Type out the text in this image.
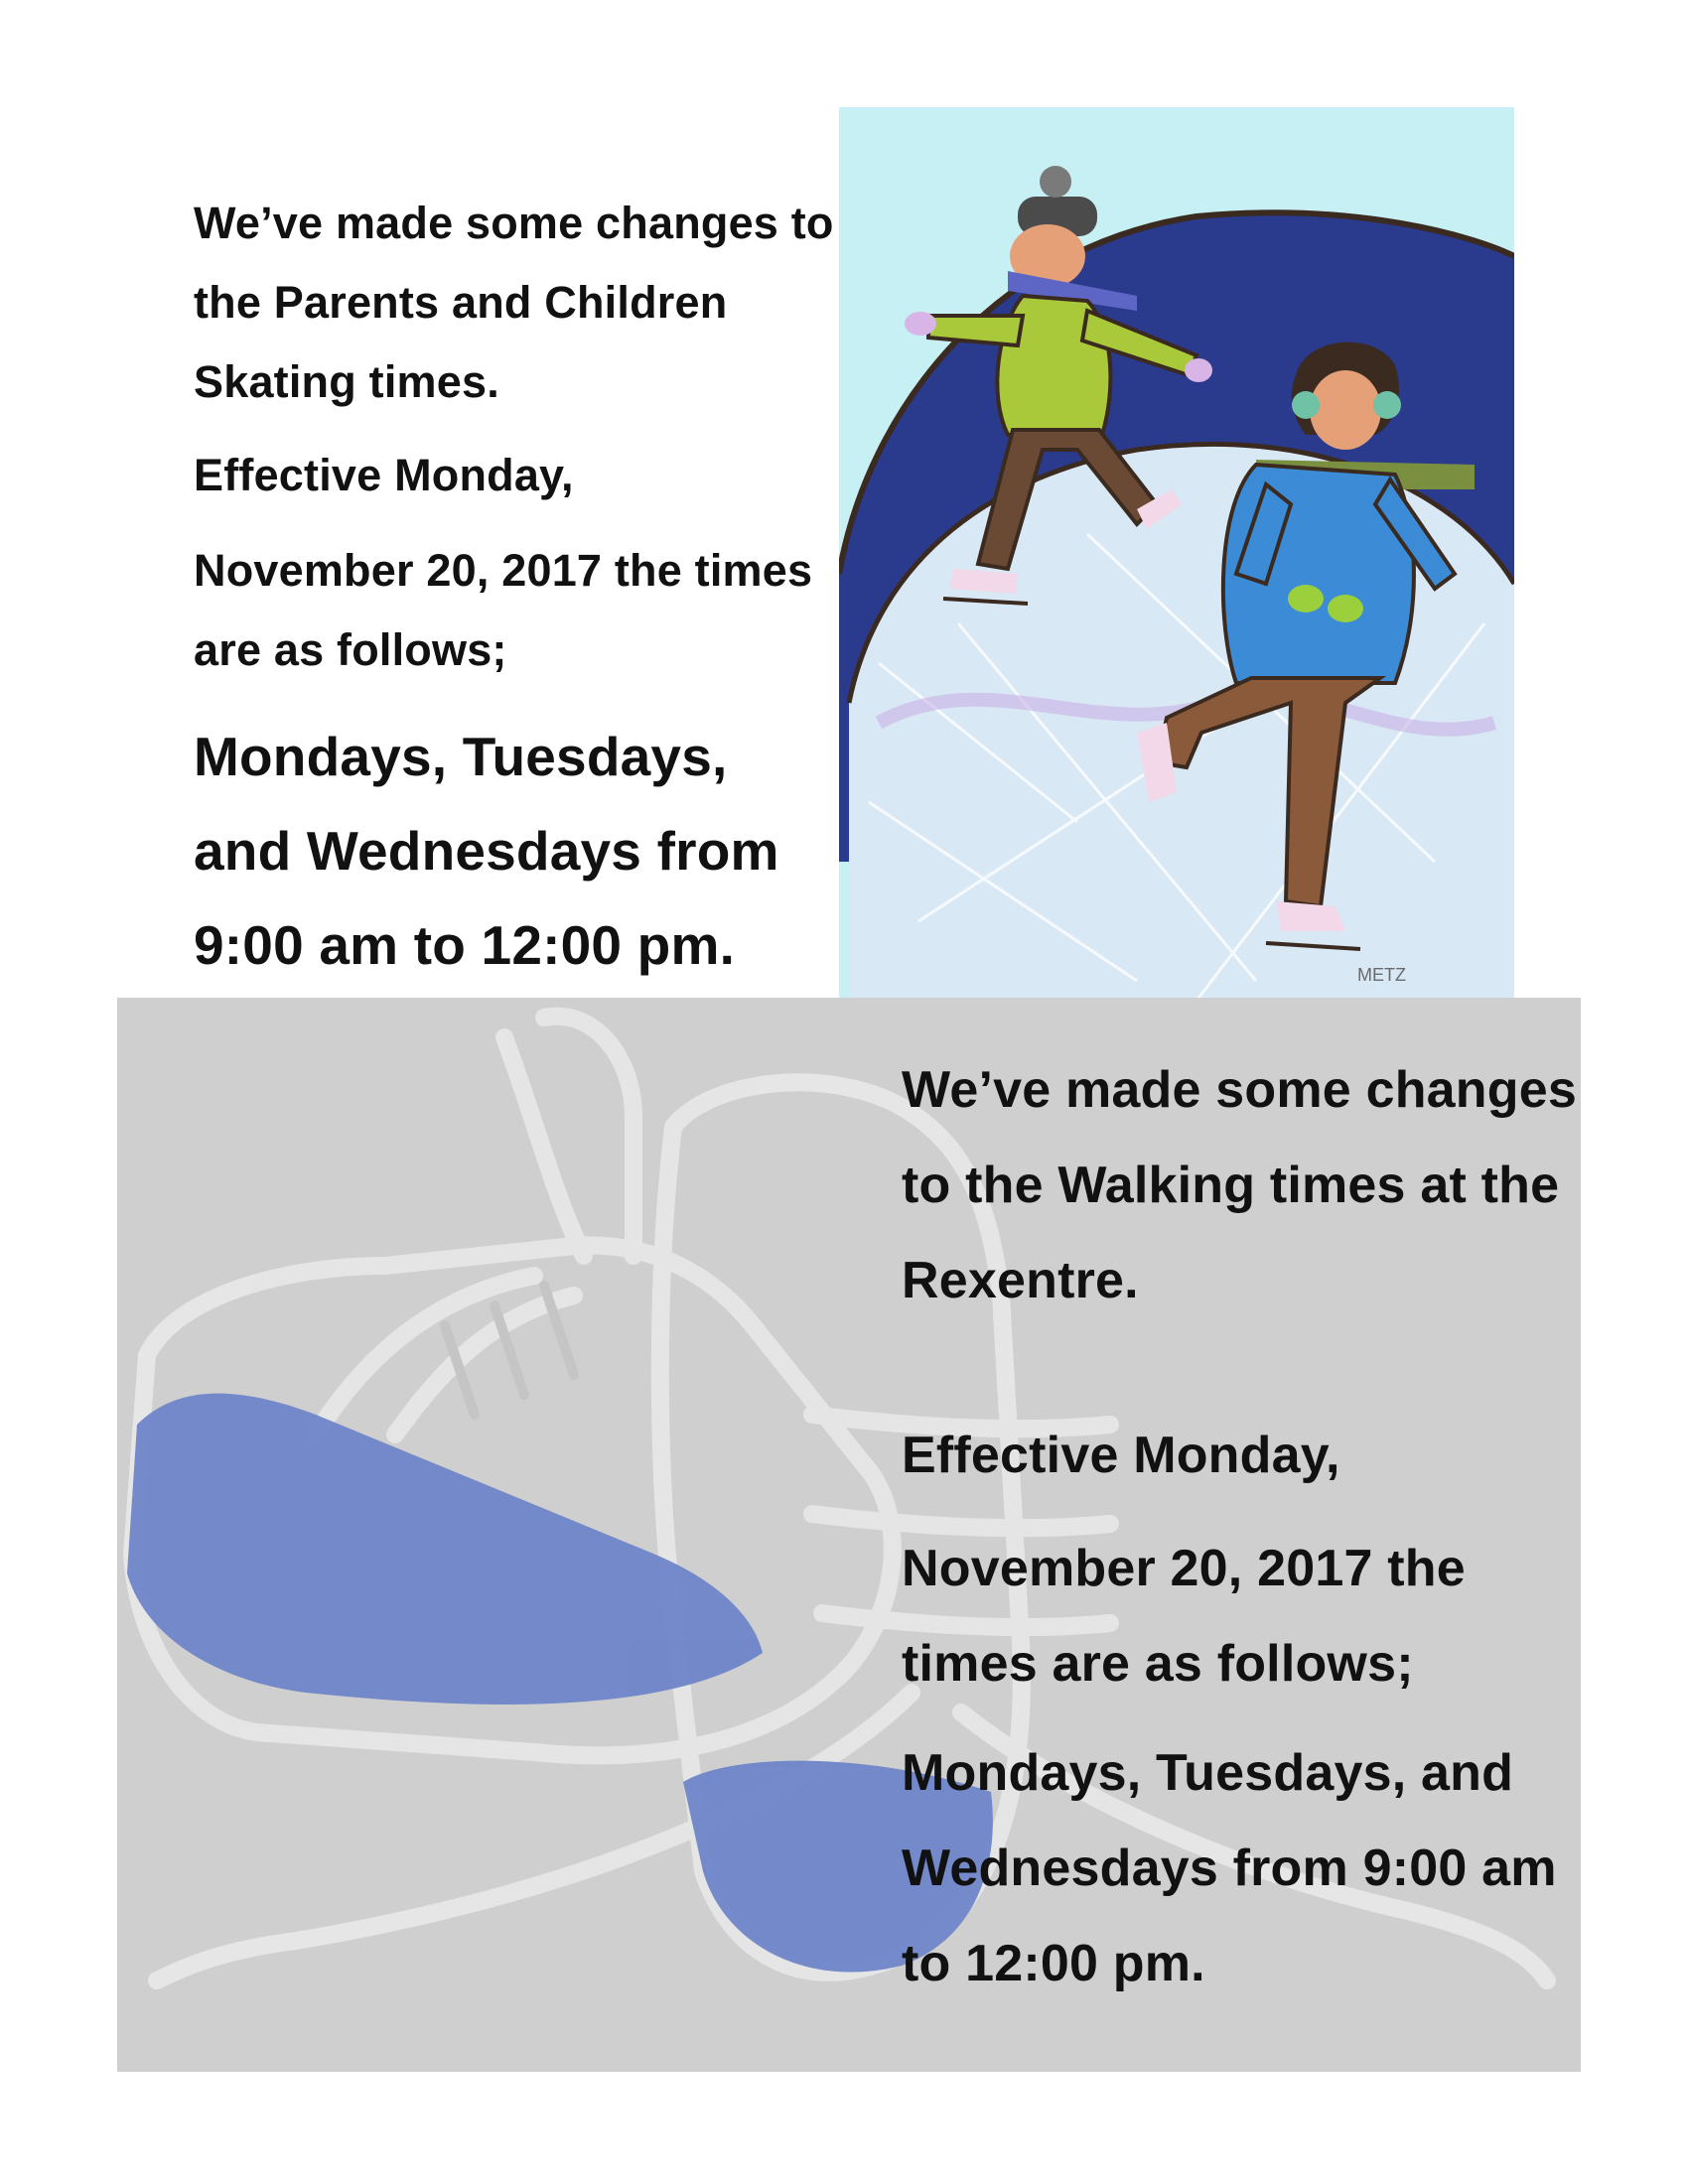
We’ve made some changes to the Parents and Children Skating times.

Effective Monday,

November 20, 2017 the times are as follows;

Mondays, Tuesdays, and Wednesdays from 9:00 am to 12:00 pm.	METZ

We’ve made some changes to the Walking times at the Rexentre.

Effective Monday,

November 20, 2017 the times are as follows;

Mondays, Tuesdays, and Wednesdays from 9:00 am to 12:00 pm.
